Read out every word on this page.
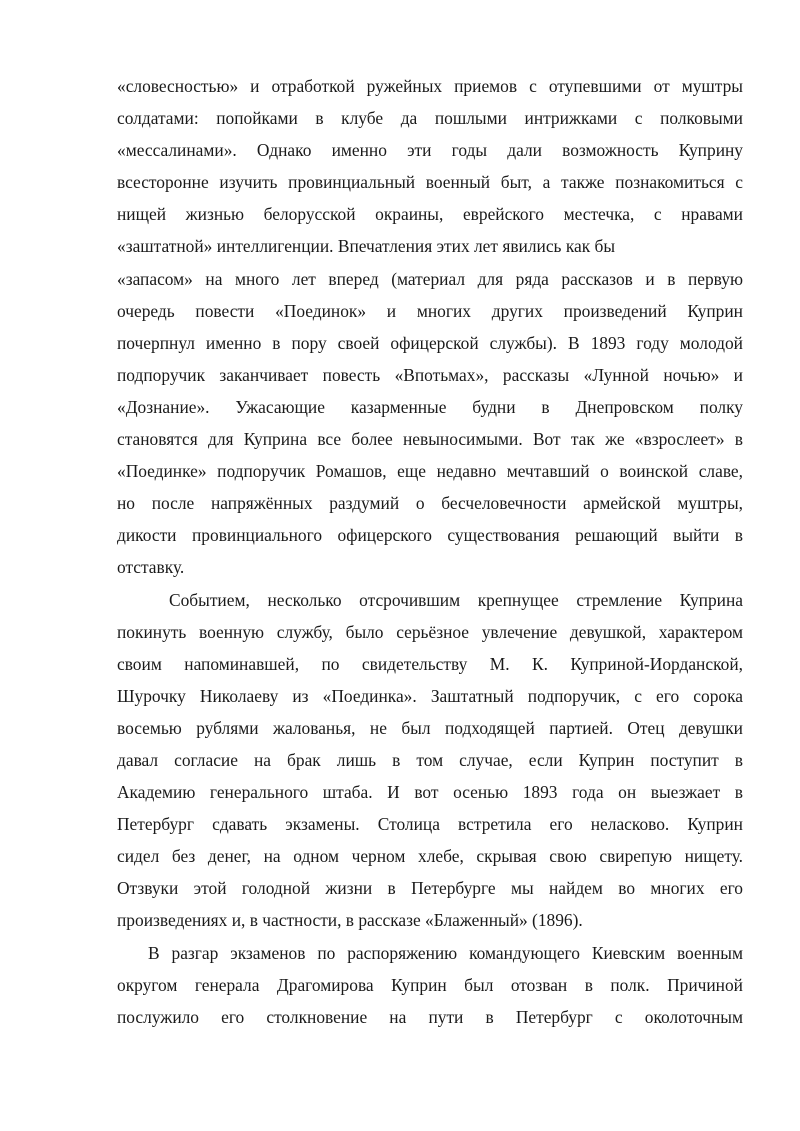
«словесностью» и отработкой ружейных приемов с отупевшими от муштры
солдатами: попойками в клубе да пошлыми интрижками с полковыми
«мессалинами». Однако именно эти годы дали возможность Куприну
всесторонне изучить провинциальный военный быт, а также познакомиться с
нищей жизнью белорусской окраины, еврейского местечка, с нравами
«заштатной» интеллигенции. Впечатления этих лет явились как бы
«запасом» на много лет вперед (материал для ряда рассказов и в первую
очередь повести «Поединок» и многих других произведений Куприн
почерпнул именно в пору своей офицерской службы). В 1893 году молодой
подпоручик заканчивает повесть «Впотьмах», рассказы «Лунной ночью» и
«Дознание». Ужасающие казарменные будни в Днепровском полку
становятся для Куприна все более невыносимыми. Вот так же «взрослеет» в
«Поединке» подпоручик Ромашов, еще недавно мечтавший о воинской славе,
но после напряжённых раздумий о бесчеловечности армейской муштры,
дикости провинциального офицерского существования решающий выйти в
отставку.
Событием, несколько отсрочившим крепнущее стремление Куприна
покинуть военную службу, было серьёзное увлечение девушкой, характером
своим напоминавшей, по свидетельству М. К. Куприной-Иорданской,
Шурочку Николаеву из «Поединка». Заштатный подпоручик, с его сорока
восемью рублями жалованья, не был подходящей партией. Отец девушки
давал согласие на брак лишь в том случае, если Куприн поступит в
Академию генерального штаба. И вот осенью 1893 года он выезжает в
Петербург сдавать экзамены. Столица встретила его неласково. Куприн
сидел без денег, на одном черном хлебе, скрывая свою свирепую нищету.
Отзвуки этой голодной жизни в Петербурге мы найдем во многих его
произведениях и, в частности, в рассказе «Блаженный» (1896).
В разгар экзаменов по распоряжению командующего Киевским военным
округом генерала Драгомирова Куприн был отозван в полк. Причиной
послужило его столкновение на пути в Петербург с околоточным
